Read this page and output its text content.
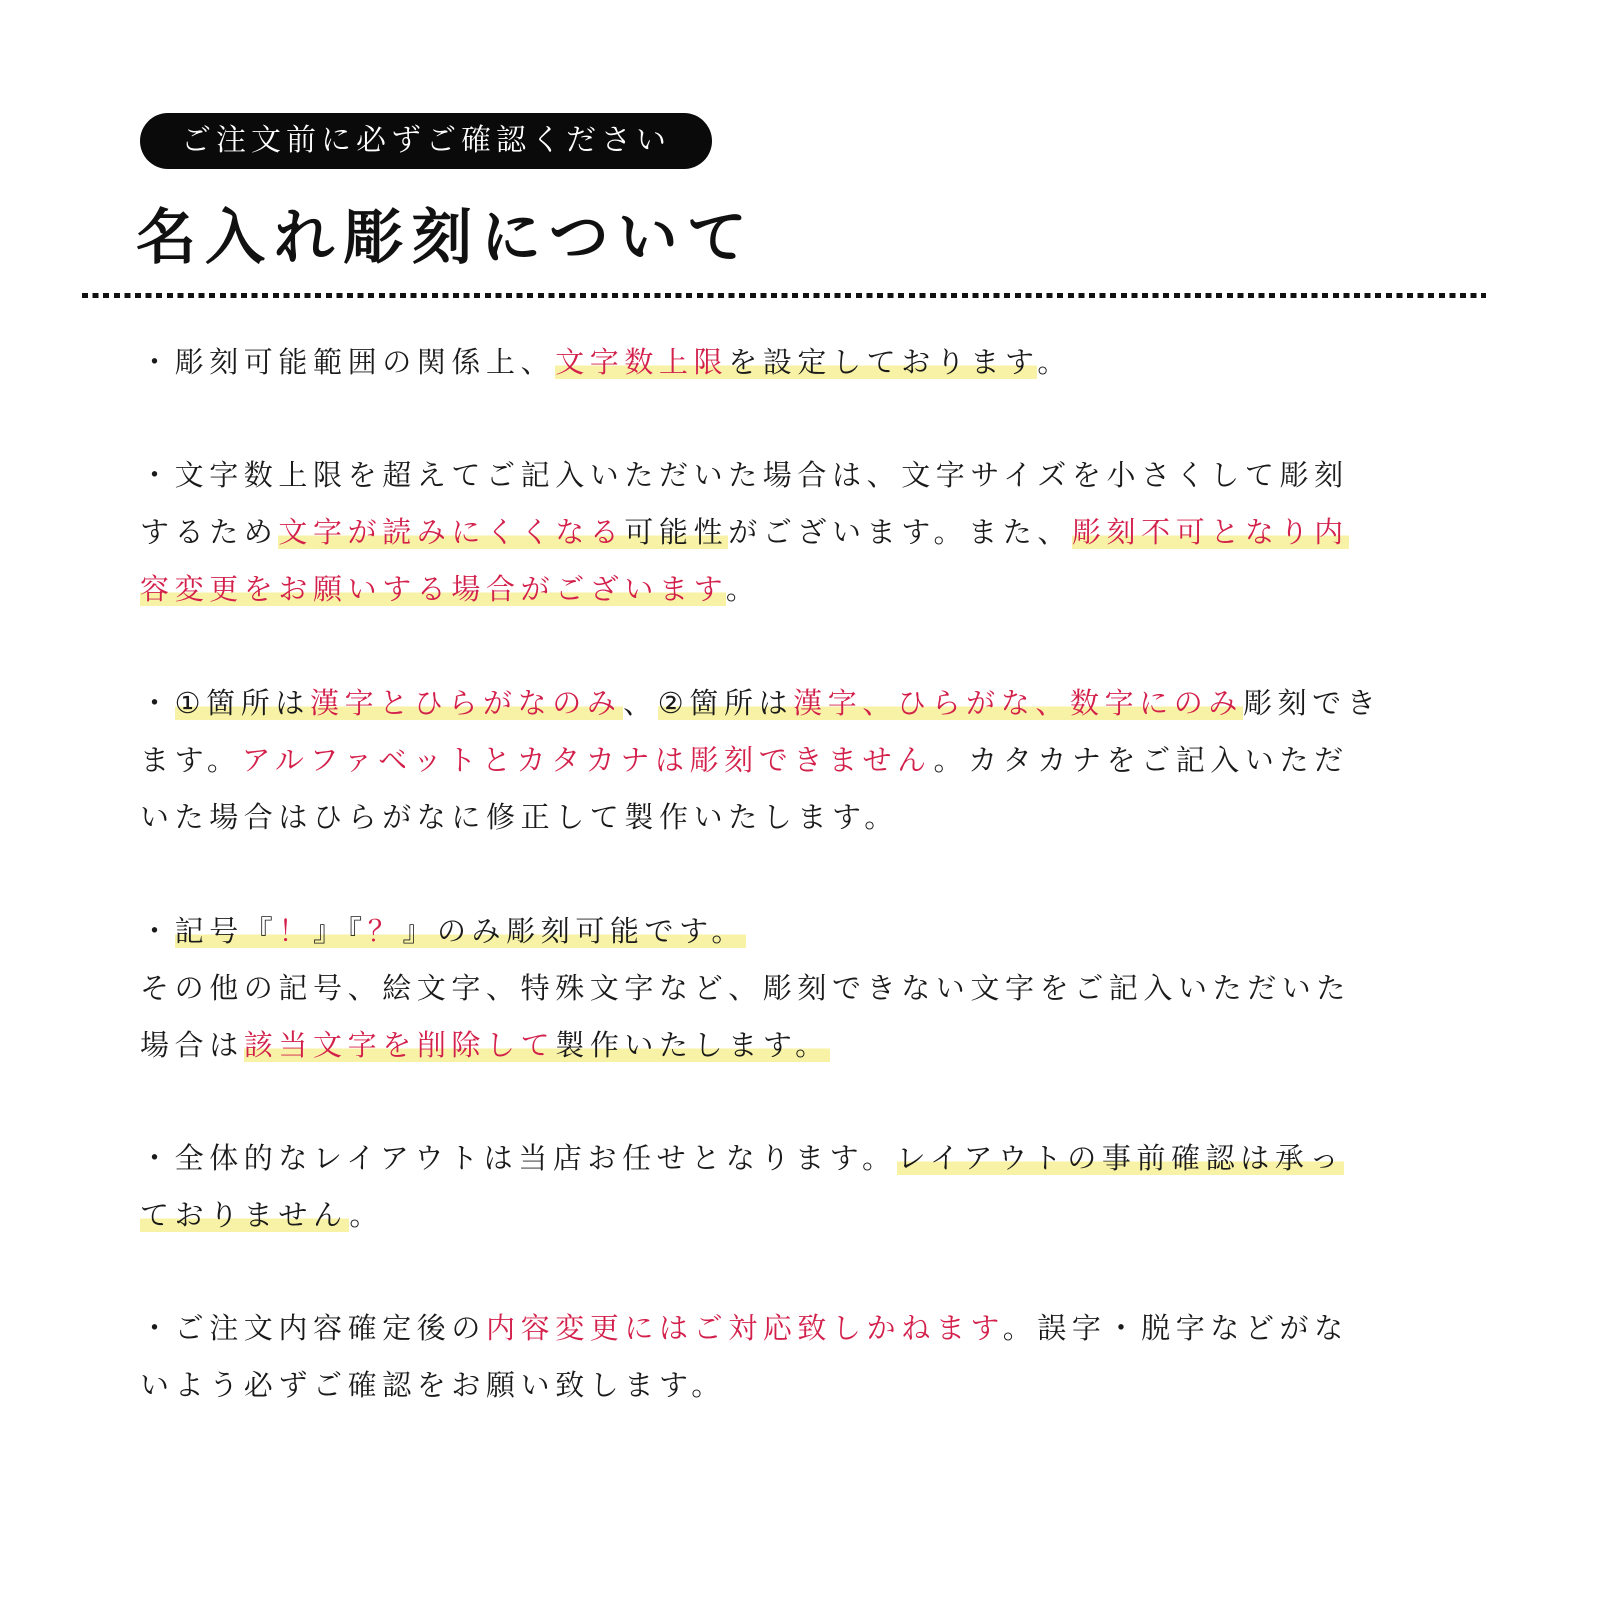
ご注文前に必ずご確認ください
名入れ彫刻について
・彫刻可能範囲の関係上、文字数上限を設定しております。
・文字数上限を超えてご記入いただいた場合は、文字サイズを小さくして彫刻
するため文字が読みにくくなる可能性がございます。また、彫刻不可となり内
容変更をお願いする場合がございます。
・①箇所は漢字とひらがなのみ、②箇所は漢字、ひらがな、数字にのみ彫刻でき
ます。アルファベットとカタカナは彫刻できません。カタカナをご記入いただ
いた場合はひらがなに修正して製作いたします。
・記号『！』『？』のみ彫刻可能です。
その他の記号、絵文字、特殊文字など、彫刻できない文字をご記入いただいた
場合は該当文字を削除して製作いたします。
・全体的なレイアウトは当店お任せとなります。レイアウトの事前確認は承っ
ておりません。
・ご注文内容確定後の内容変更にはご対応致しかねます。誤字・脱字などがな
いよう必ずご確認をお願い致します。
